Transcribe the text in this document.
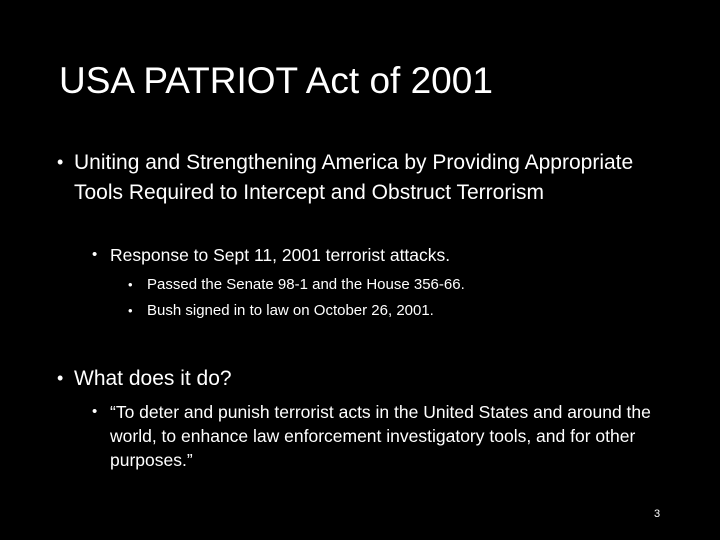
USA PATRIOT Act of 2001
• Uniting and Strengthening America by Providing Appropriate Tools Required to Intercept and Obstruct Terrorism
• Response to Sept 11, 2001 terrorist attacks.
• Passed the Senate 98-1 and the House 356-66.
• Bush signed in to law on October 26, 2001.
• What does it do?
• “To deter and punish terrorist acts in the United States and around the world, to enhance law enforcement investigatory tools, and for other purposes.”
3
